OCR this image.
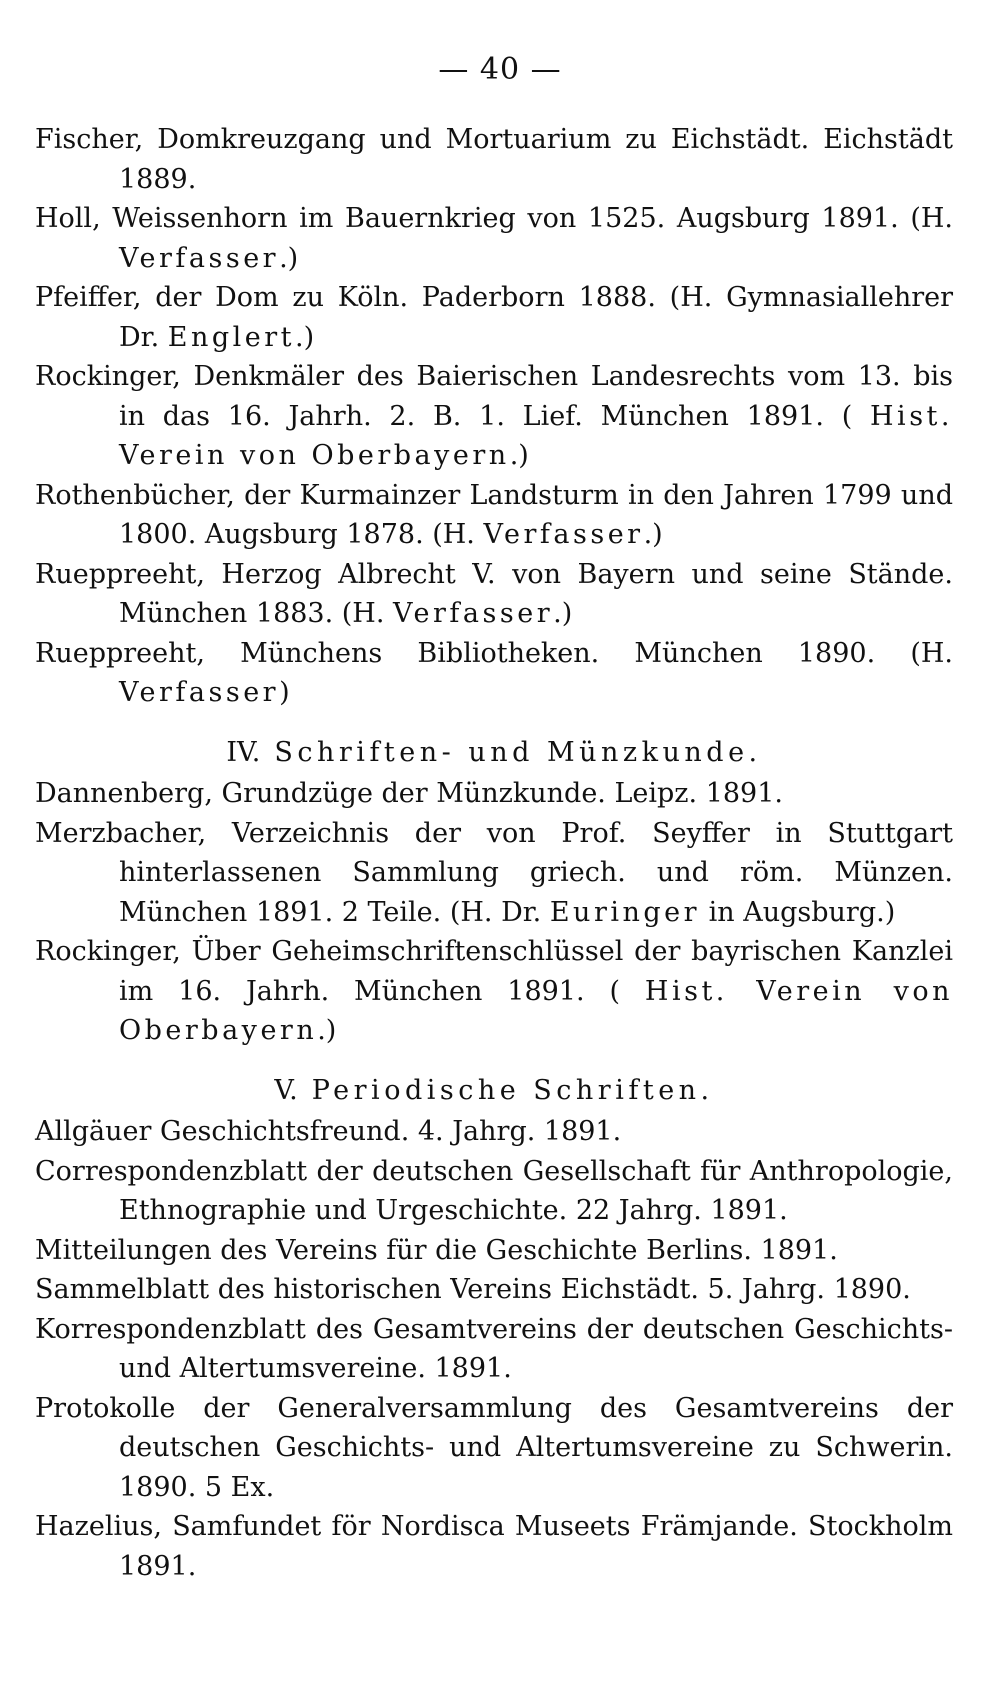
— 40 —

Fischer, Domkreuzgang und Mortuarium zu Eichstädt. Eichstädt 1889.

Holl, Weissenhorn im Bauernkrieg von 1525. Augsburg 1891. (H. Verfasser.)

Pfeiffer, der Dom zu Köln. Paderborn 1888. (H. Gymnasiallehrer Dr. Englert.)

Rockinger, Denkmäler des Baierischen Landesrechts vom 13. bis in das 16. Jahrh. 2. B. 1. Lief. München 1891. ( Hist. Verein von Oberbayern.)

Rothenbücher, der Kurmainzer Landsturm in den Jahren 1799 und 1800. Augsburg 1878. (H. Verfasser.)

Rueppreeht, Herzog Albrecht V. von Bayern und seine Stände. München 1883. (H. Verfasser.)

Rueppreeht, Münchens Bibliotheken. München 1890. (H. Verfasser)

IV. Schriften- und Münzkunde.

Dannenberg, Grundzüge der Münzkunde. Leipz. 1891.

Merzbacher, Verzeichnis der von Prof. Seyffer in Stuttgart hinterlassenen Sammlung griech. und röm. Münzen. München 1891. 2 Teile. (H. Dr. Euringer in Augsburg.)

Rockinger, Über Geheimschriftenschlüssel der bayrischen Kanzlei im 16. Jahrh. München 1891. ( Hist. Verein von Oberbayern.)

V. Periodische Schriften.

Allgäuer Geschichtsfreund. 4. Jahrg. 1891.

Correspondenzblatt der deutschen Gesellschaft für Anthropologie, Ethnographie und Urgeschichte. 22 Jahrg. 1891.

Mitteilungen des Vereins für die Geschichte Berlins. 1891.

Sammelblatt des historischen Vereins Eichstädt. 5. Jahrg. 1890.

Korrespondenzblatt des Gesamtvereins der deutschen Geschichts- und Altertumsvereine. 1891.

Protokolle der Generalversammlung des Gesamtvereins der deutschen Geschichts- und Altertumsvereine zu Schwerin. 1890. 5 Ex.

Hazelius, Samfundet för Nordisca Museets Främjande. Stockholm 1891.
